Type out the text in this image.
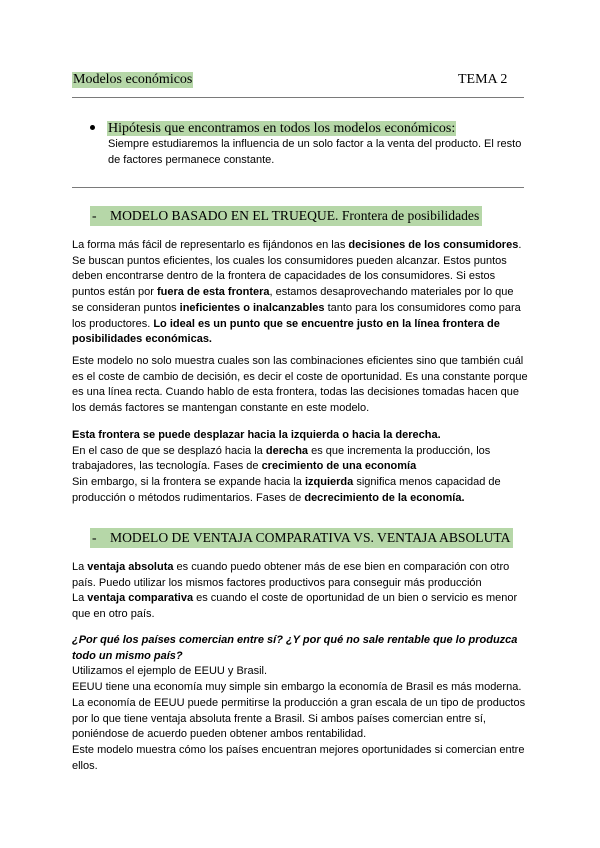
Modelos económicos	TEMA 2
Hipótesis que encontramos en todos los modelos económicos:
Siempre estudiaremos la influencia de un solo factor a la venta del producto. El resto de factores permanece constante.
- MODELO BASADO EN EL TRUEQUE. Frontera de posibilidades

La forma más fácil de representarlo es fijándonos en las decisiones de los consumidores. Se buscan puntos eficientes, los cuales los consumidores pueden alcanzar. Estos puntos deben encontrarse dentro de la frontera de capacidades de los consumidores. Si estos puntos están por fuera de esta frontera, estamos desaprovechando materiales por lo que se consideran puntos ineficientes o inalcanzables tanto para los consumidores como para los productores. Lo ideal es un punto que se encuentre justo en la línea frontera de posibilidades económicas.

Este modelo no solo muestra cuales son las combinaciones eficientes sino que también cuál es el coste de cambio de decisión, es decir el coste de oportunidad. Es una constante porque es una línea recta. Cuando hablo de esta frontera, todas las decisiones tomadas hacen que los demás factores se mantengan constante en este modelo.

Esta frontera se puede desplazar hacia la izquierda o hacia la derecha.

En el caso de que se desplazó hacia la derecha es que incrementa la producción, los trabajadores, las tecnología. Fases de crecimiento de una economía

Sin embargo, si la frontera se expande hacia la izquierda significa menos capacidad de producción o métodos rudimentarios. Fases de decrecimiento de la economía.

- MODELO DE VENTAJA COMPARATIVA VS. VENTAJA ABSOLUTA

La ventaja absoluta es cuando puedo obtener más de ese bien en comparación con otro país. Puedo utilizar los mismos factores productivos para conseguir más producción

La ventaja comparativa es cuando el coste de oportunidad de un bien o servicio es menor que en otro país.

¿Por qué los países comercian entre sí? ¿Y por qué no sale rentable que lo produzca todo un mismo país?

Utilizamos el ejemplo de EEUU y Brasil.

EEUU tiene una economía muy simple sin embargo la economía de Brasil es más moderna.

La economía de EEUU puede permitirse la producción a gran escala de un tipo de productos por lo que tiene ventaja absoluta frente a Brasil. Si ambos países comercian entre sí, poniéndose de acuerdo pueden obtener ambos rentabilidad.

Este modelo muestra cómo los países encuentran mejores oportunidades si comercian entre ellos.
